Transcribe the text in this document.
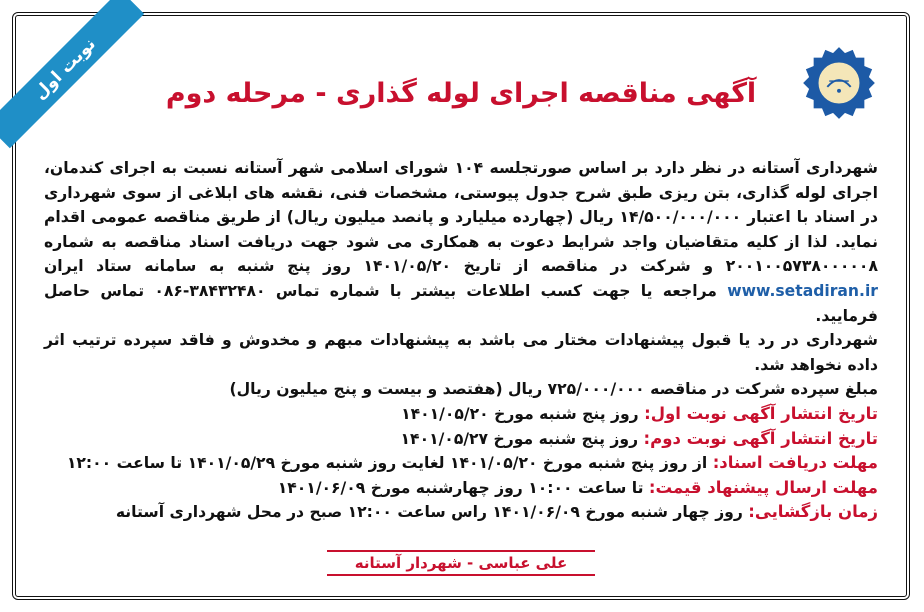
نوبت اول	آگهی مناقصه اجرای لوله گذاری - مرحله دوم

شهرداری آستانه در نظر دارد بر اساس صورتجلسه ۱۰۴ شورای اسلامی شهر آستانه نسبت به اجرای کندمان، اجرای لوله گذاری، بتن ریزی طبق شرح جدول پیوستی، مشخصات فنی، نقشه های ابلاغی از سوی شهرداری در اسناد با اعتبار ۱۴/۵۰۰/۰۰۰/۰۰۰ ریال (چهارده میلیارد و پانصد میلیون ریال) از طریق مناقصه عمومی اقدام نماید. لذا از کلیه متقاضیان واجد شرایط دعوت به همکاری می شود جهت دریافت اسناد مناقصه به شماره ۲۰۰۱۰۰۵۷۳۸۰۰۰۰۰۸ و شرکت در مناقصه از تاریخ ۱۴۰۱/۰۵/۲۰ روز پنج شنبه به سامانه ستاد ایران www.setadiran.ir مراجعه یا جهت کسب اطلاعات بیشتر با شماره تماس ۳۸۴۳۲۴۸۰-۰۸۶ تماس حاصل فرمایید.

شهرداری در رد یا قبول پیشنهادات مختار می باشد به پیشنهادات مبهم و مخدوش و فاقد سپرده ترتیب اثر داده نخواهد شد.

مبلغ سپرده شرکت در مناقصه ۷۲۵/۰۰۰/۰۰۰ ریال (هفتصد و بیست و پنج میلیون ریال)

تاریخ انتشار آگهی نوبت اول: روز پنج شنبه مورخ ۱۴۰۱/۰۵/۲۰

تاریخ انتشار آگهی نوبت دوم: روز پنج شنبه مورخ ۱۴۰۱/۰۵/۲۷

مهلت دریافت اسناد: از روز پنج شنبه مورخ ۱۴۰۱/۰۵/۲۰ لغایت روز شنبه مورخ ۱۴۰۱/۰۵/۲۹ تا ساعت ۱۲:۰۰

مهلت ارسال پیشنهاد قیمت: تا ساعت ۱۰:۰۰ روز چهارشنبه مورخ ۱۴۰۱/۰۶/۰۹

زمان بازگشایی: روز چهار شنبه مورخ ۱۴۰۱/۰۶/۰۹ راس ساعت ۱۲:۰۰ صبح در محل شهرداری آستانه

علی عباسی - شهردار آستانه
